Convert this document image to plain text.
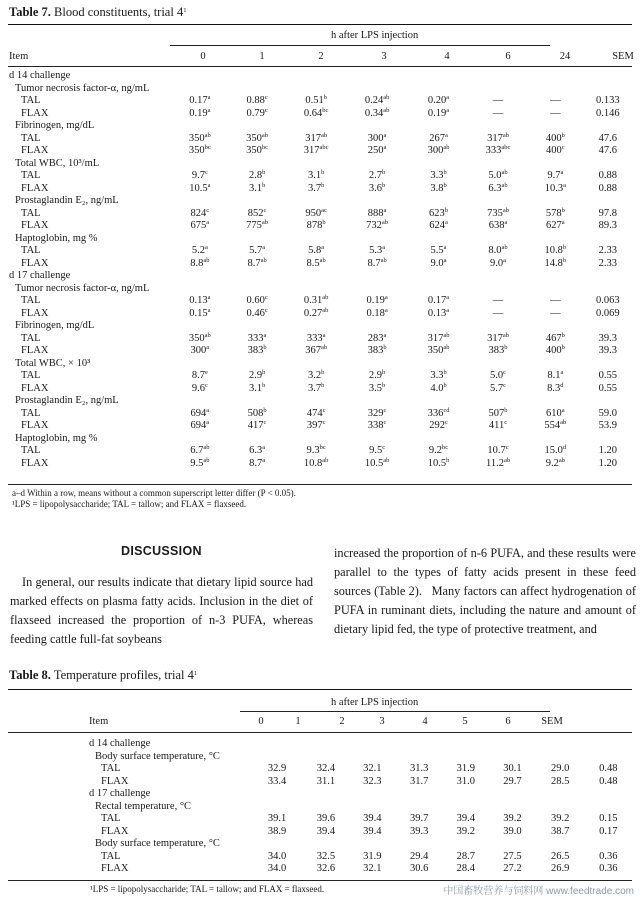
Table 7. Blood constituents, trial $4^1$
h after LPS injection
Item	0	1	2	3	4	6	24	SEM
d 14 challenge								
Tumor necrosis factor-α, ng/mL								
TAL	0.17$^a$	0.88$^c$	0.51$^b$	0.24$^{ab}$	0.20$^a$	—	—	0.133
FLAX	0.19$^a$	0.79$^c$	0.64$^{bc}$	0.34$^{ab}$	0.19$^a$	—	—	0.146
Fibrinogen, mg/dL								
TAL	$350^{ab}$	$350^{ab}$	$317^{ab}$	300$^a$	267$^a$	$317^{ab}$	400$^b$	47.6
FLAX	$350^{bc}$	$350^{bc}$	$317^{abc}$	250$^a$	$300^{ab}$	$333^{abc}$	400$^c$	47.6
Total WBC, 10³/mL								
TAL	9.7$^c$	2.8$^b$	3.1$^b$	2.7$^b$	3.3$^b$	5.0$^{ab}$	9.7$^a$	0.88
FLAX	10.5$^a$	3.1$^b$	3.7$^b$	3.6$^b$	3.8$^b$	6.3$^{ab}$	10.3$^a$	0.88
Prostaglandin E₂, ng/mL								
TAL	824$^c$	852$^c$	$950^{ac}$	888$^a$	623$^b$	$735^{ab}$	578$^b$	97.8
FLAX	675$^a$	$775^{ab}$	878$^b$	$732^{ab}$	624$^a$	638$^a$	627$^a$	89.3
Haptoglobin, mg %								
TAL	5.2$^a$	5.7$^a$	5.8$^a$	5.3$^a$	5.5$^a$	8.0$^{ab}$	10.8$^b$	2.33
FLAX	8.8$^{ab}$	8.7$^{ab}$	8.5$^{ab}$	8.7$^{ab}$	9.0$^a$	9.0$^a$	14.8$^b$	2.33
d 17 challenge								
Tumor necrosis factor-α, ng/mL								
TAL	0.13$^a$	0.60$^c$	0.31$^{ab}$	0.19$^a$	0.17$^a$	—	—	0.063
FLAX	0.15$^a$	0.46$^c$	0.27$^{ab}$	0.18$^a$	0.13$^a$	—	—	0.069
Fibrinogen, mg/dL								
TAL	$350^{ab}$	333$^a$	333$^a$	283$^a$	$317^{ab}$	$317^{ab}$	467$^b$	39.3
FLAX	300$^a$	383$^b$	$367^{ab}$	383$^b$	$350^{ab}$	383$^b$	400$^b$	39.3
Total WBC, × 10³								
TAL	8.7e	2.9$^b$	3.2$^b$	2.9$^b$	3.3$^b$	5.0$^c$	8.1$^a$	0.55
FLAX	9.6$^c$	3.1$^b$	3.7$^b$	3.5$^b$	4.0$^b$	5.7$^c$	8.3$^d$	0.55
Prostaglandin E₂, ng/mL								
TAL	694$^a$	508$^b$	474$^c$	329$^c$	$336^{cd}$	507$^b$	610$^a$	59.0
FLAX	694$^a$	417$^c$	397$^c$	338$^c$	292$^c$	411$^c$	$554^{ab}$	53.9
Haptoglobin, mg %								
TAL	6.7$^{ab}$	6.3$^a$	9.3$^{bc}$	9.5$^c$	9.2$^{bc}$	10.7$^c$	15.0$^d$	1.20
FLAX	9.5$^{ab}$	8.7$^a$	10.8$^{ab}$	10.5$^{ab}$	10.5$^b$	11.2$^{ab}$	9.2$^{ab}$	1.20
a–d Within a row, means without a common superscript letter differ (P < 0.05).
¹LPS = lipopolysaccharide; TAL = tallow; and FLAX = flaxseed.
DISCUSSION
In general, our results indicate that dietary lipid source had marked effects on plasma fatty acids. Inclusion in the diet of flaxseed increased the proportion of n-3 PUFA, whereas feeding cattle full-fat soybeans
increased the proportion of n-6 PUFA, and these results were parallel to the types of fatty acids present in these feed sources (Table 2).   Many factors can affect hydrogenation of PUFA in ruminant diets, including the nature and amount of dietary lipid fed, the type of protective treatment, and
Table 8. Temperature profiles, trial $4^1$
h after LPS injection
Item	0	1	2	3	4	5	6	SEM
d 14 challenge								
Body surface temperature, °C								
TAL	32.9	32.4	32.1	31.3	31.9	30.1	29.0	0.48
FLAX	33.4	31.1	32.3	31.7	31.0	29.7	28.5	0.48
d 17 challenge								
Rectal temperature, °C								
TAL	39.1	39.6	39.4	39.7	39.4	39.2	39.2	0.15
FLAX	38.9	39.4	39.4	39.3	39.2	39.0	38.7	0.17
Body surface temperature, °C								
TAL	34.0	32.5	31.9	29.4	28.7	27.5	26.5	0.36
FLAX	34.0	32.6	32.1	30.6	28.4	27.2	26.9	0.36
¹LPS = lipopolysaccharide; TAL = tallow; and FLAX = flaxseed.	中国畜牧营养与饲料网 www.feedtrade.com
